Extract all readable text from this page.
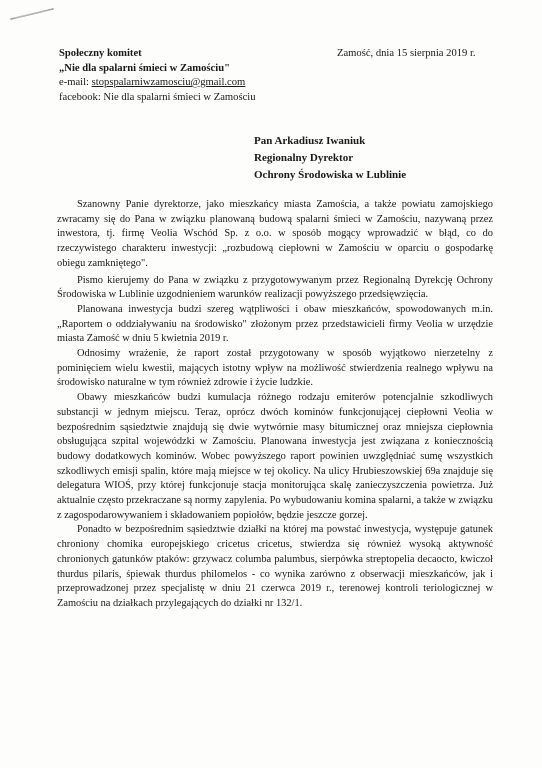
Społeczny komitet
„Nie dla spalarni śmieci w Zamościu"
e-mail: stopspalarniwzamosciu@gmail.com
facebook: Nie dla spalarni śmieci w Zamościu
Zamość, dnia 15 sierpnia 2019 r.
Pan Arkadiusz Iwaniuk
Regionalny Dyrektor
Ochrony Środowiska w Lublinie

Szanowny Panie dyrektorze, jako mieszkańcy miasta Zamościa, a także powiatu zamojskiego zwracamy się do Pana w związku planowaną budową spalarni śmieci w Zamościu, nazywaną przez inwestora, tj. firmę Veolia Wschód Sp. z o.o. w sposób mogący wprowadzić w błąd, co do rzeczywistego charakteru inwestycji: „rozbudową ciepłowni w Zamościu w oparciu o gospodarkę obiegu zamkniętego".

Pismo kierujemy do Pana w związku z przygotowywanym przez Regionalną Dyrekcję Ochrony Środowiska w Lublinie uzgodnieniem warunków realizacji powyższego przedsięwzięcia.

Planowana inwestycja budzi szereg wątpliwości i obaw mieszkańców, spowodowanych m.in. „Raportem o oddziaływaniu na środowisko" złożonym przez przedstawicieli firmy Veolia w urzędzie miasta Zamość w dniu 5 kwietnia 2019 r.

Odnosimy wrażenie, że raport został przygotowany w sposób wyjątkowo nierzetelny z pominięciem wielu kwestii, mających istotny wpływ na możliwość stwierdzenia realnego wpływu na środowisko naturalne w tym również zdrowie i życie ludzkie.

Obawy mieszkańców budzi kumulacja różnego rodzaju emiterów potencjalnie szkodliwych substancji w jednym miejscu. Teraz, oprócz dwóch kominów funkcjonującej ciepłowni Veolia w bezpośrednim sąsiedztwie znajdują się dwie wytwórnie masy bitumicznej oraz mniejsza ciepłownia obsługująca szpital wojewódzki w Zamościu. Planowana inwestycja jest związana z koniecznością budowy dodatkowych kominów. Wobec powyższego raport powinien uwzględniać sumę wszystkich szkodliwych emisji spalin, które mają miejsce w tej okolicy. Na ulicy Hrubieszowskiej 69a znajduje się delegatura WIOŚ, przy której funkcjonuje stacja monitorująca skalę zanieczyszczenia powietrza. Już aktualnie często przekraczane są normy zapylenia. Po wybudowaniu komina spalarni, a także w związku z zagospodarowywaniem i składowaniem popiołów, będzie jeszcze gorzej.

Ponadto w bezpośrednim sąsiedztwie działki na której ma powstać inwestycja, występuje gatunek chroniony chomika europejskiego cricetus cricetus, stwierdza się również wysoką aktywność chronionych gatunków ptaków: grzywacz columba palumbus, sierpówka streptopelia decaocto, kwiczoł thurdus pilaris, śpiewak thurdus philomelos - co wynika zarówno z obserwacji mieszkańców, jak i przeprowadzonej przez specjalistę w dniu 21 czerwca 2019 r., terenowej kontroli teriologicznej w Zamościu na działkach przylegających do działki nr 132/1.
